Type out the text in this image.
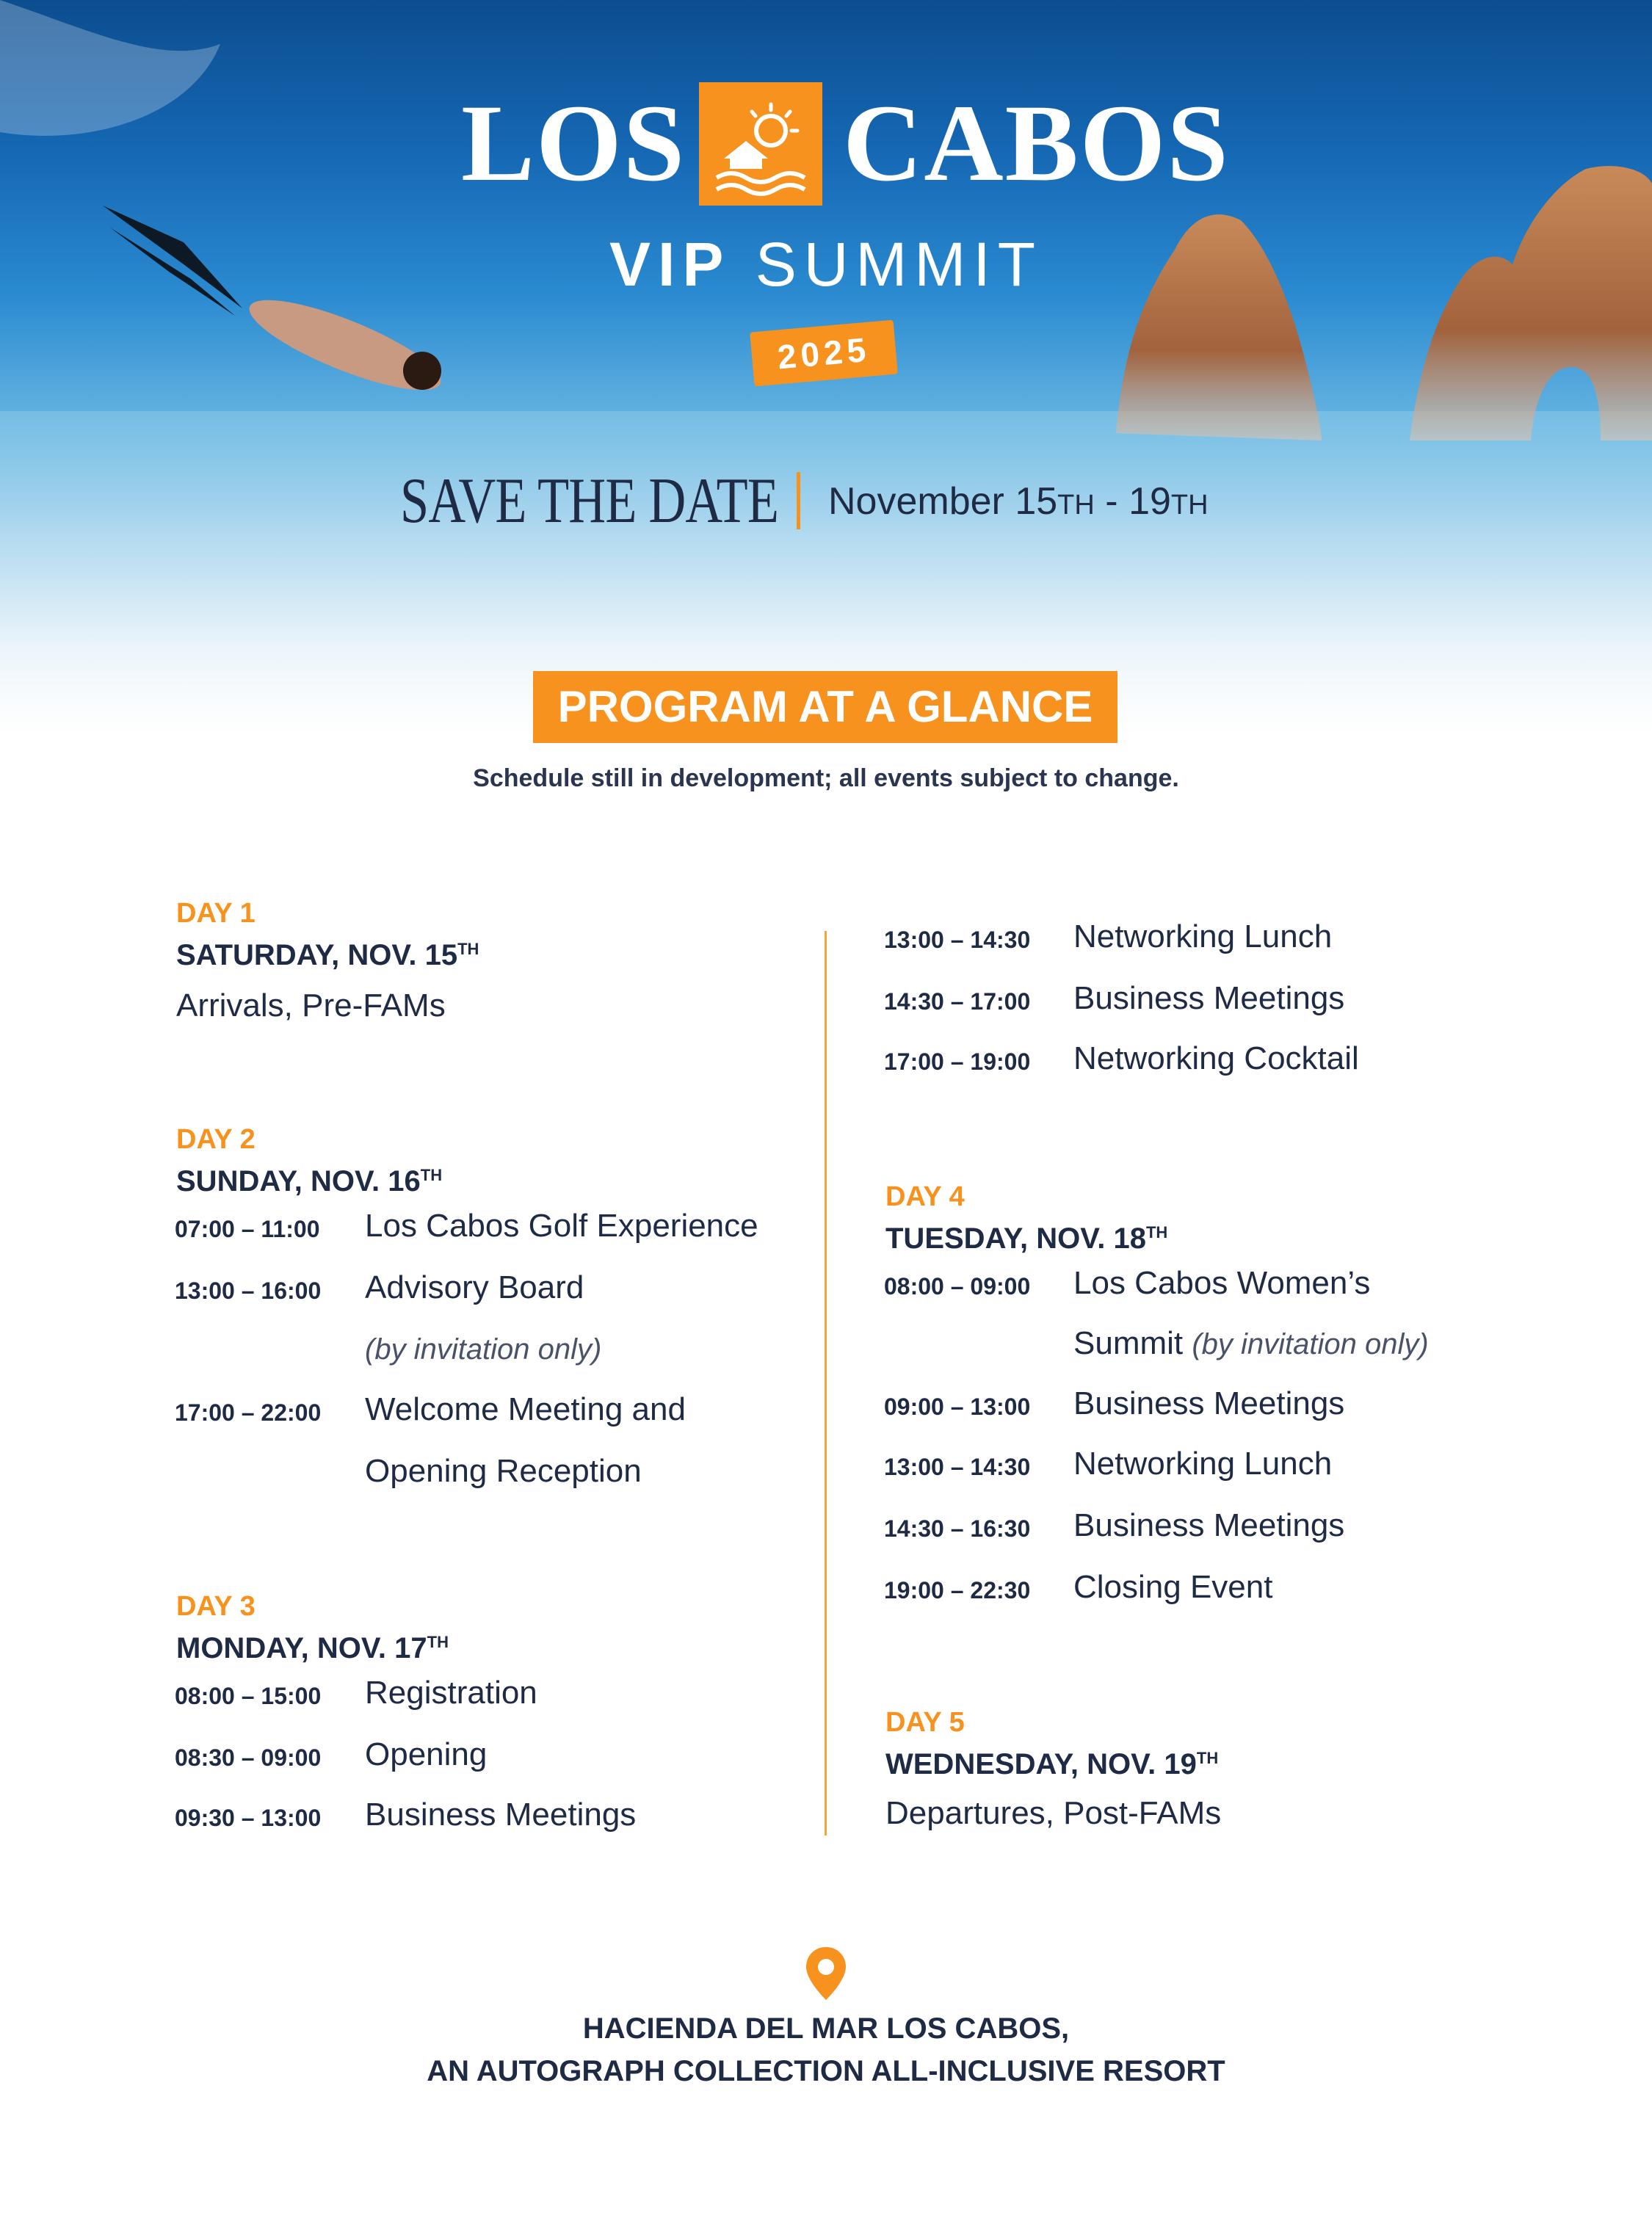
LOS CABOS
VIP SUMMIT
2025
SAVE THE DATE November 15TH - 19TH
PROGRAM AT A GLANCE
Schedule still in development; all events subject to change.
DAY 1
SATURDAY, NOV. 15TH
Arrivals, Pre-FAMs
DAY 2
SUNDAY, NOV. 16TH
07:00 – 11:00 Los Cabos Golf Experience
13:00 – 16:00 Advisory Board
(by invitation only)
17:00 – 22:00 Welcome Meeting and
Opening Reception
DAY 3
MONDAY, NOV. 17TH
08:00 – 15:00 Registration
08:30 – 09:00 Opening
09:30 – 13:00 Business Meetings
13:00 – 14:30 Networking Lunch
14:30 – 17:00 Business Meetings
17:00 – 19:00 Networking Cocktail
DAY 4
TUESDAY, NOV. 18TH
08:00 – 09:00 Los Cabos Women’s
Summit (by invitation only)
09:00 – 13:00 Business Meetings
13:00 – 14:30 Networking Lunch
14:30 – 16:30 Business Meetings
19:00 – 22:30 Closing Event
DAY 5
WEDNESDAY, NOV. 19TH
Departures, Post-FAMs
HACIENDA DEL MAR LOS CABOS,
AN AUTOGRAPH COLLECTION ALL-INCLUSIVE RESORT
